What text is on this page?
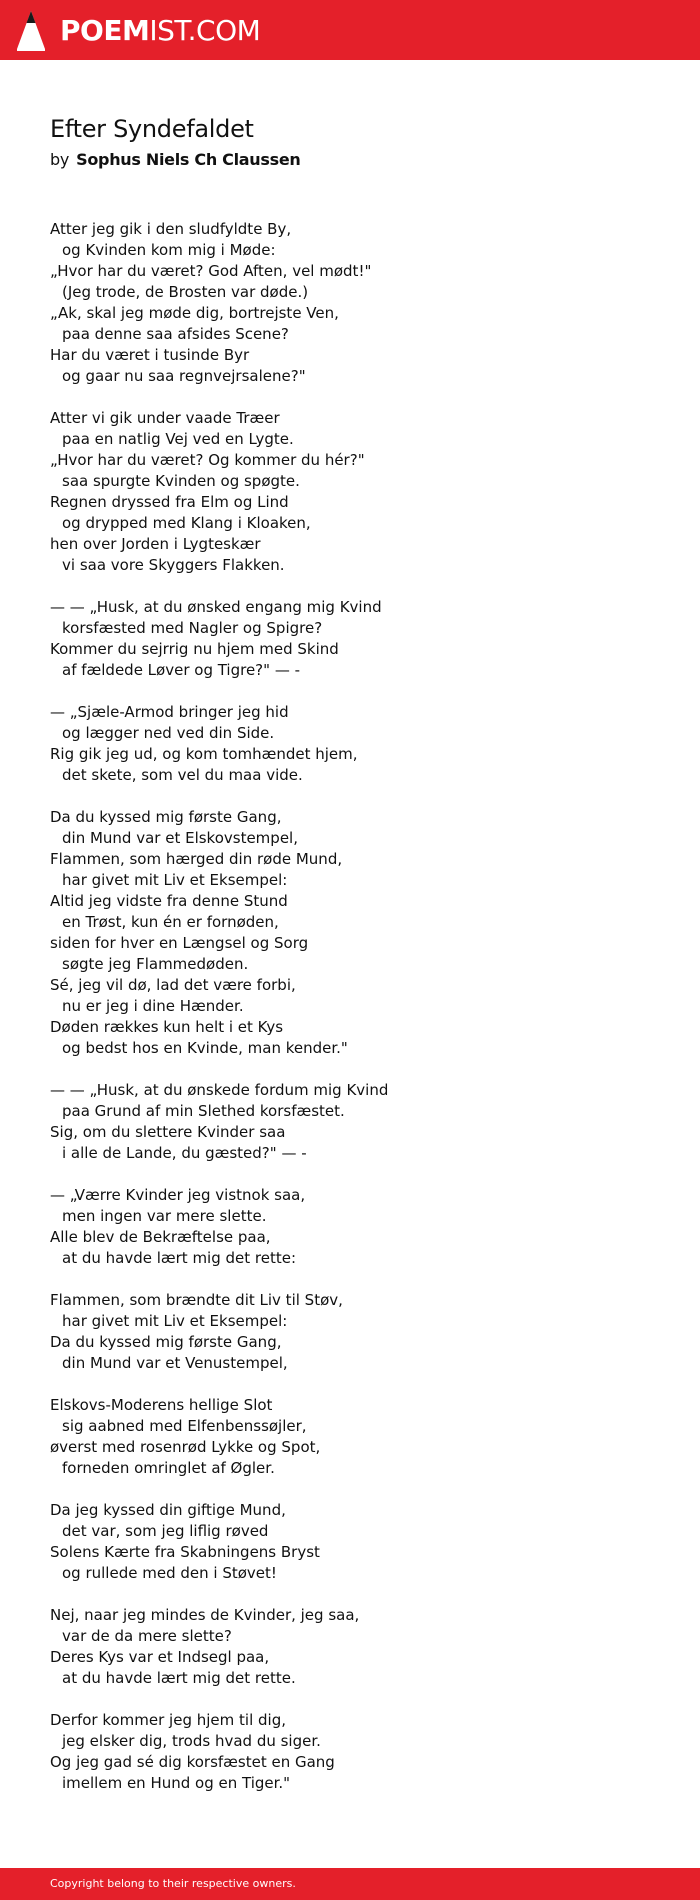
POEMIST.COM
Efter Syndefaldet
by Sophus Niels Ch Claussen
Atter jeg gik i den sludfyldte By,
og Kvinden kom mig i Møde:
„Hvor har du været? God Aften, vel mødt!"
(Jeg trode, de Brosten var døde.)
„Ak, skal jeg møde dig, bortrejste Ven,
paa denne saa afsides Scene?
Har du været i tusinde Byr
og gaar nu saa regnvejrsalene?"
Atter vi gik under vaade Træer
paa en natlig Vej ved en Lygte.
„Hvor har du været? Og kommer du hér?"
saa spurgte Kvinden og spøgte.
Regnen dryssed fra Elm og Lind
og drypped med Klang i Kloaken,
hen over Jorden i Lygteskær
vi saa vore Skyggers Flakken.
— — „Husk, at du ønsked engang mig Kvind
korsfæsted med Nagler og Spigre?
Kommer du sejrrig nu hjem med Skind
af fældede Løver og Tigre?" — -
— „Sjæle-Armod bringer jeg hid
og lægger ned ved din Side.
Rig gik jeg ud, og kom tomhændet hjem,
det skete, som vel du maa vide.
Da du kyssed mig første Gang,
din Mund var et Elskovstempel,
Flammen, som hærged din røde Mund,
har givet mit Liv et Eksempel:
Altid jeg vidste fra denne Stund
en Trøst, kun én er fornøden,
siden for hver en Længsel og Sorg
søgte jeg Flammedøden.
Sé, jeg vil dø, lad det være forbi,
nu er jeg i dine Hænder.
Døden rækkes kun helt i et Kys
og bedst hos en Kvinde, man kender."
— — „Husk, at du ønskede fordum mig Kvind
paa Grund af min Slethed korsfæstet.
Sig, om du slettere Kvinder saa
i alle de Lande, du gæsted?" — -
— „Værre Kvinder jeg vistnok saa,
men ingen var mere slette.
Alle blev de Bekræftelse paa,
at du havde lært mig det rette:
Flammen, som brændte dit Liv til Støv,
har givet mit Liv et Eksempel:
Da du kyssed mig første Gang,
din Mund var et Venustempel,
Elskovs-Moderens hellige Slot
sig aabned med Elfenbenssøjler,
øverst med rosenrød Lykke og Spot,
forneden omringlet af Øgler.
Da jeg kyssed din giftige Mund,
det var, som jeg liflig røved
Solens Kærte fra Skabningens Bryst
og rullede med den i Støvet!
Nej, naar jeg mindes de Kvinder, jeg saa,
var de da mere slette?
Deres Kys var et Indsegl paa,
at du havde lært mig det rette.
Derfor kommer jeg hjem til dig,
jeg elsker dig, trods hvad du siger.
Og jeg gad sé dig korsfæstet en Gang
imellem en Hund og en Tiger."
Copyright belong to their respective owners.
